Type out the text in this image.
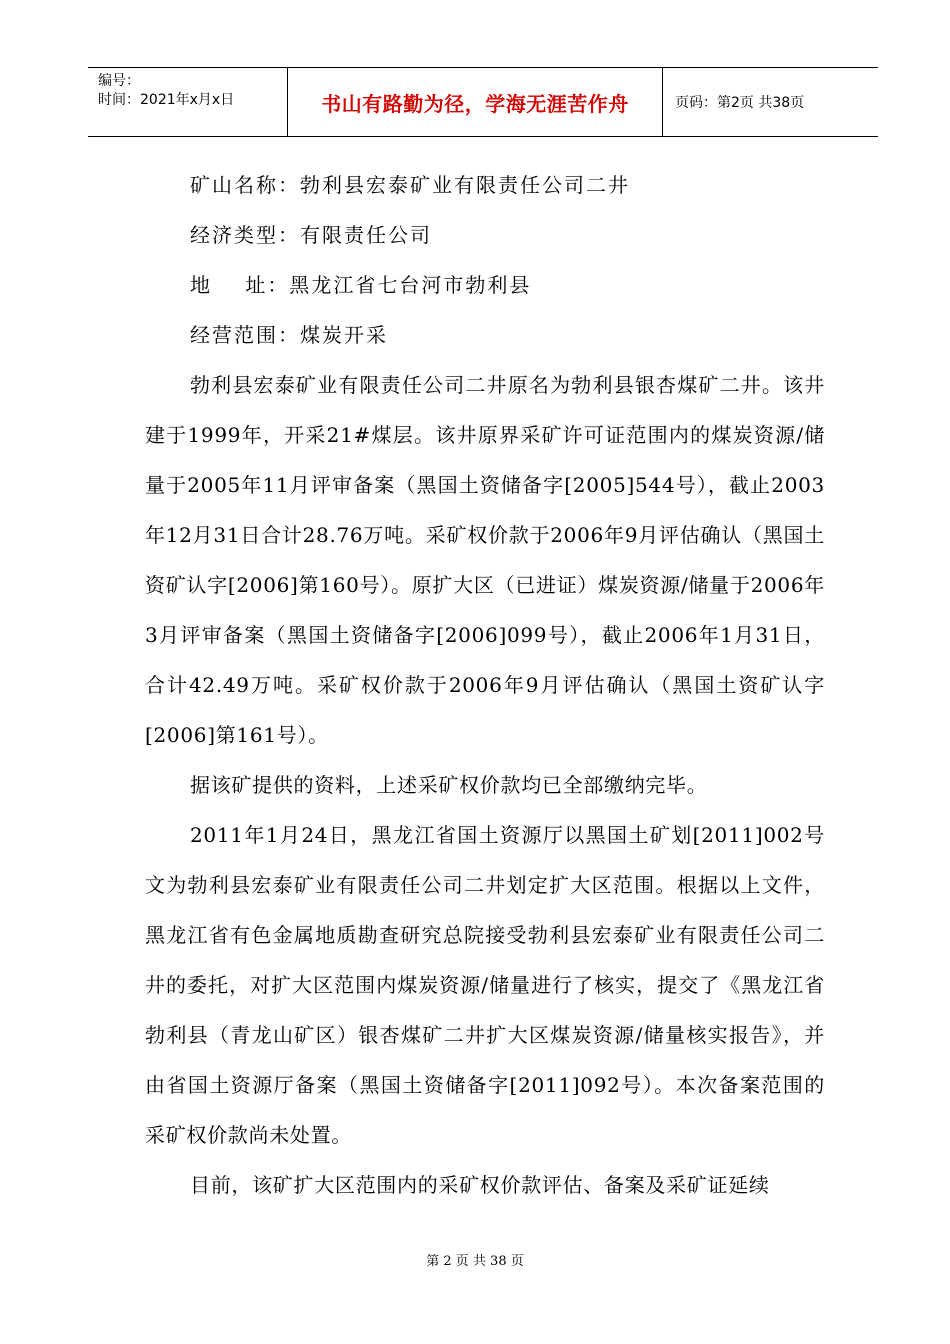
编号：
时间：2021年x月x日	书山有路勤为径，学海无涯苦作舟	页码：第2页 共38页
矿山名称：勃利县宏泰矿业有限责任公司二井
经济类型：有限责任公司
地    址：黑龙江省七台河市勃利县
经营范围：煤炭开采

勃利县宏泰矿业有限责任公司二井原名为勃利县银杏煤矿二井。该井建于1999年，开采21#煤层。该井原界采矿许可证范围内的煤炭资源/储量于2005年11月评审备案（黑国土资储备字[2005]544号），截止2003年12月31日合计28.76万吨。采矿权价款于2006年9月评估确认（黑国土资矿认字[2006]第160号）。原扩大区（已进证）煤炭资源/储量于2006年3月评审备案（黑国土资储备字[2006]099号），截止2006年1月31日，合计42.49万吨。采矿权价款于2006年9月评估确认（黑国土资矿认字[2006]第161号）。

据该矿提供的资料，上述采矿权价款均已全部缴纳完毕。

2011年1月24日，黑龙江省国土资源厅以黑国土矿划[2011]002号文为勃利县宏泰矿业有限责任公司二井划定扩大区范围。根据以上文件，黑龙江省有色金属地质勘查研究总院接受勃利县宏泰矿业有限责任公司二井的委托，对扩大区范围内煤炭资源/储量进行了核实，提交了《黑龙江省勃利县（青龙山矿区）银杏煤矿二井扩大区煤炭资源/储量核实报告》，并由省国土资源厅备案（黑国土资储备字[2011]092号）。本次备案范围的采矿权价款尚未处置。

目前，该矿扩大区范围内的采矿权价款评估、备案及采矿证延续

第 2 页 共 38 页
